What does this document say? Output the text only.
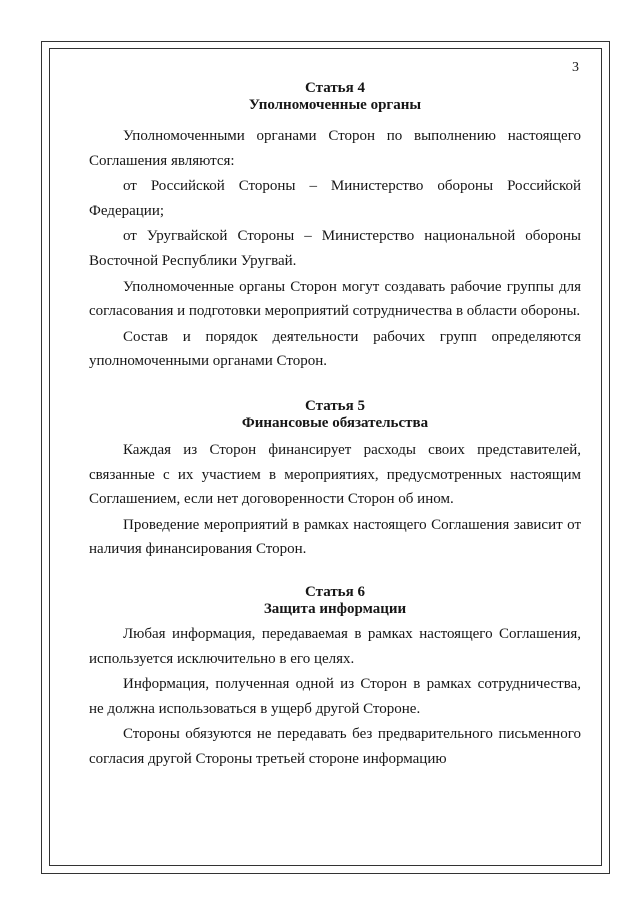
3
Статья 4
Уполномоченные органы

Уполномоченными органами Сторон по выполнению настоящего Соглашения являются:

от Российской Стороны – Министерство обороны Российской Федерации;

от Уругвайской Стороны – Министерство национальной обороны Восточной Республики Уругвай.

Уполномоченные органы Сторон могут создавать рабочие группы для согласования и подготовки мероприятий сотрудничества в области обороны.

Состав и порядок деятельности рабочих групп определяются уполномоченными органами Сторон.

Статья 5
Финансовые обязательства

Каждая из Сторон финансирует расходы своих представителей, связанные с их участием в мероприятиях, предусмотренных настоящим Соглашением, если нет договоренности Сторон об ином.

Проведение мероприятий в рамках настоящего Соглашения зависит от наличия финансирования Сторон.

Статья 6
Защита информации

Любая информация, передаваемая в рамках настоящего Соглашения, используется исключительно в его целях.

Информация, полученная одной из Сторон в рамках сотрудничества, не должна использоваться в ущерб другой Стороне.

Стороны обязуются не передавать без предварительного письменного согласия другой Стороны третьей стороне информацию
